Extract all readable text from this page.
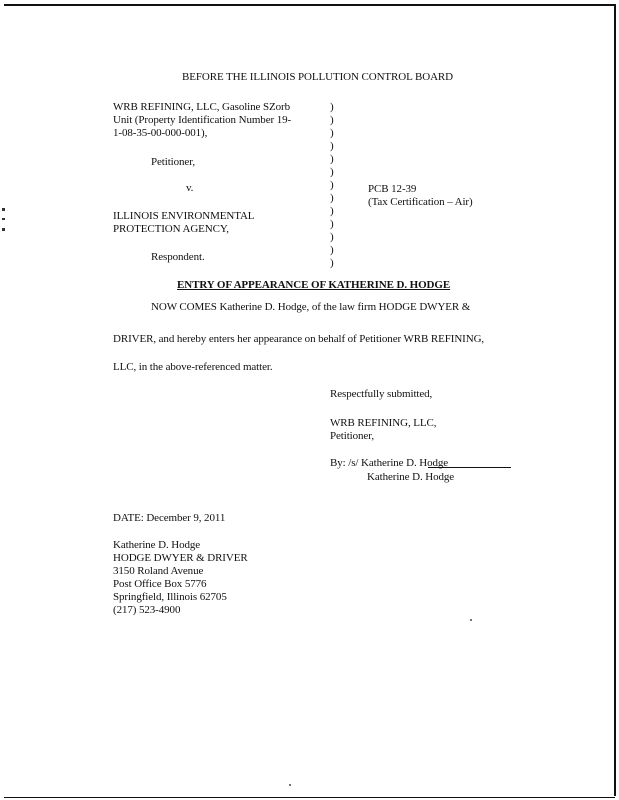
BEFORE THE ILLINOIS POLLUTION CONTROL BOARD
WRB REFINING, LLC, Gasoline SZorb
Unit (Property Identification Number 19-
1-08-35-00-000-001),
Petitioner,
v.
ILLINOIS ENVIRONMENTAL
PROTECTION AGENCY,
Respondent.
)
)
)
)
)
)
)
)
)
)
)
)
)
PCB 12-39
(Tax Certification – Air)
ENTRY OF APPEARANCE OF KATHERINE D. HODGE
NOW COMES Katherine D. Hodge, of the law firm HODGE DWYER &
DRIVER, and hereby enters her appearance on behalf of Petitioner WRB REFINING,
LLC, in the above-referenced matter.
Respectfully submitted,
WRB REFINING, LLC,
Petitioner,
By: /s/ Katherine D. Hodge
Katherine D. Hodge
DATE: December 9, 2011
Katherine D. Hodge
HODGE DWYER & DRIVER
3150 Roland Avenue
Post Office Box 5776
Springfield, Illinois 62705
(217) 523-4900
